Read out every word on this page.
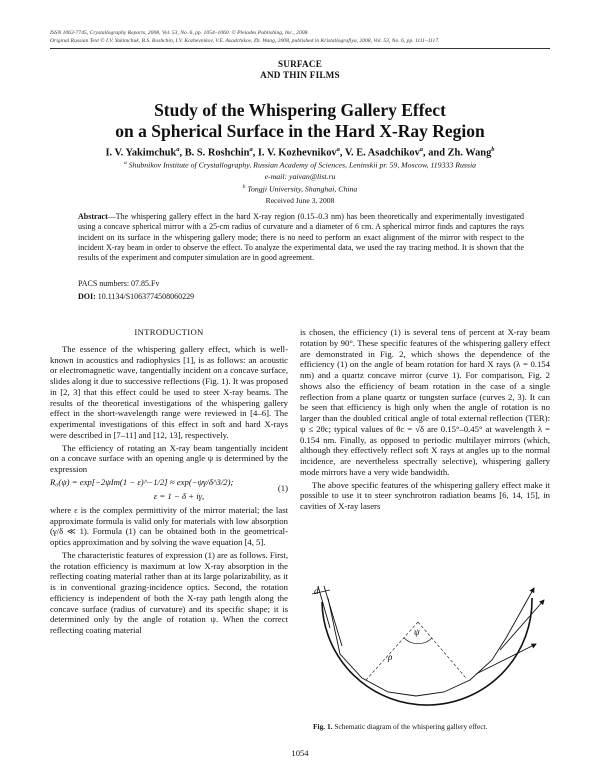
ISSN 1063-7745, Crystallography Reports, 2008, Vol. 53, No. 6, pp. 1054–1060. © Pleiades Publishing, Inc., 2008.
Original Russian Text © I.V. Yakimchuk, B.S. Roshchin, I.V. Kozhevnikov, V.E. Asadchikov, Zh. Wang, 2008, published in Kristallografiya, 2008, Vol. 53, No. 6, pp. 1111–1117.
SURFACE
AND THIN FILMS
Study of the Whispering Gallery Effect
on a Spherical Surface in the Hard X-Ray Region
I. V. Yakimchuk$^a$, B. S. Roshchin$^a$, I. V. Kozhevnikov$^a$, V. E. Asadchikov$^a$, and Zh. Wang$^b$
$^a$ Shubnikov Institute of Crystallography, Russian Academy of Sciences, Leninskii pr. 59, Moscow, 119333 Russia
e-mail: yaivan@list.ru
$^b$ Tongji University, Shanghai, China
Received June 3, 2008
Abstract—The whispering gallery effect in the hard X-ray region (0.15–0.3 nm) has been theoretically and experimentally investigated using a concave spherical mirror with a 25-cm radius of curvature and a diameter of 6 cm. A spherical mirror finds and captures the rays incident on its surface in the whispering gallery mode; there is no need to perform an exact alignment of the mirror with respect to the incident X-ray beam in order to observe the effect. To analyze the experimental data, we used the ray tracing method. It is shown that the results of the experiment and computer simulation are in good agreement.
PACS numbers: 07.85.Fv
DOI: 10.1134/S1063774508060229

INTRODUCTION

The essence of the whispering gallery effect, which is well-known in acoustics and radiophysics [1], is as follows: an acoustic or electromagnetic wave, tangentially incident on a concave surface, slides along it due to successive reflections (Fig. 1). It was proposed in [2, 3] that this effect could be used to steer X-ray beams. The results of the theoretical investigations of the whispering gallery effect in the short-wavelength range were reviewed in [4–6]. The experimental investigations of this effect in soft and hard X-rays were described in [7–11] and [12, 13], respectively.

The efficiency of rotating an X-ray beam tangentially incident on a concave surface with an opening angle ψ is determined by the expression

R₀(ψ) = exp[−2ψIm(1 − ε)^−1/2] ≈ exp(−ψγ/δ^3/2);
(1)
ε = 1 − δ + iγ,

where ε is the complex permittivity of the mirror material; the last approximate formula is valid only for materials with low absorption (γ/δ ≪ 1). Formula (1) can be obtained both in the geometrical-optics approximation and by solving the wave equation [4, 5].

The characteristic features of expression (1) are as follows. First, the rotation efficiency is maximum at low X-ray absorption in the reflecting coating material rather than at its large polarizability, as it is in conventional grazing-incidence optics. Second, the rotation efficiency is independent of both the X-ray path length along the concave surface (radius of curvature) and its specific shape; it is determined only by the angle of rotation ψ. When the correct reflecting coating material

is chosen, the efficiency (1) is several tens of percent at X-ray beam rotation by 90°. These specific features of the whispering gallery effect are demonstrated in Fig. 2, which shows the dependence of the efficiency (1) on the angle of beam rotation for hard X rays (λ = 0.154 nm) and a quartz concave mirror (curve 1). For comparison, Fig. 2 shows also the efficiency of beam rotation in the case of a single reflection from a plane quartz or tungsten surface (curves 2, 3). It can be seen that efficiency is high only when the angle of rotation is no larger than the doubled critical angle of total external reflection (TER): ψ ≤ 2θc; typical values of θc = √δ are 0.15°–0.45° at wavelength λ = 0.154 nm. Finally, as opposed to periodic multilayer mirrors (which, although they effectively reflect soft X rays at angles up to the normal incidence, are nevertheless spectrally selective), whispering gallery mode mirrors have a very wide bandwidth.

The above specific features of the whispering gallery effect make it possible to use it to steer synchrotron radiation beams [6, 14, 15], in cavities of X-ray lasers

d
ρ
ψ
Fig. 1. Schematic diagram of the whispering gallery effect.
1054
